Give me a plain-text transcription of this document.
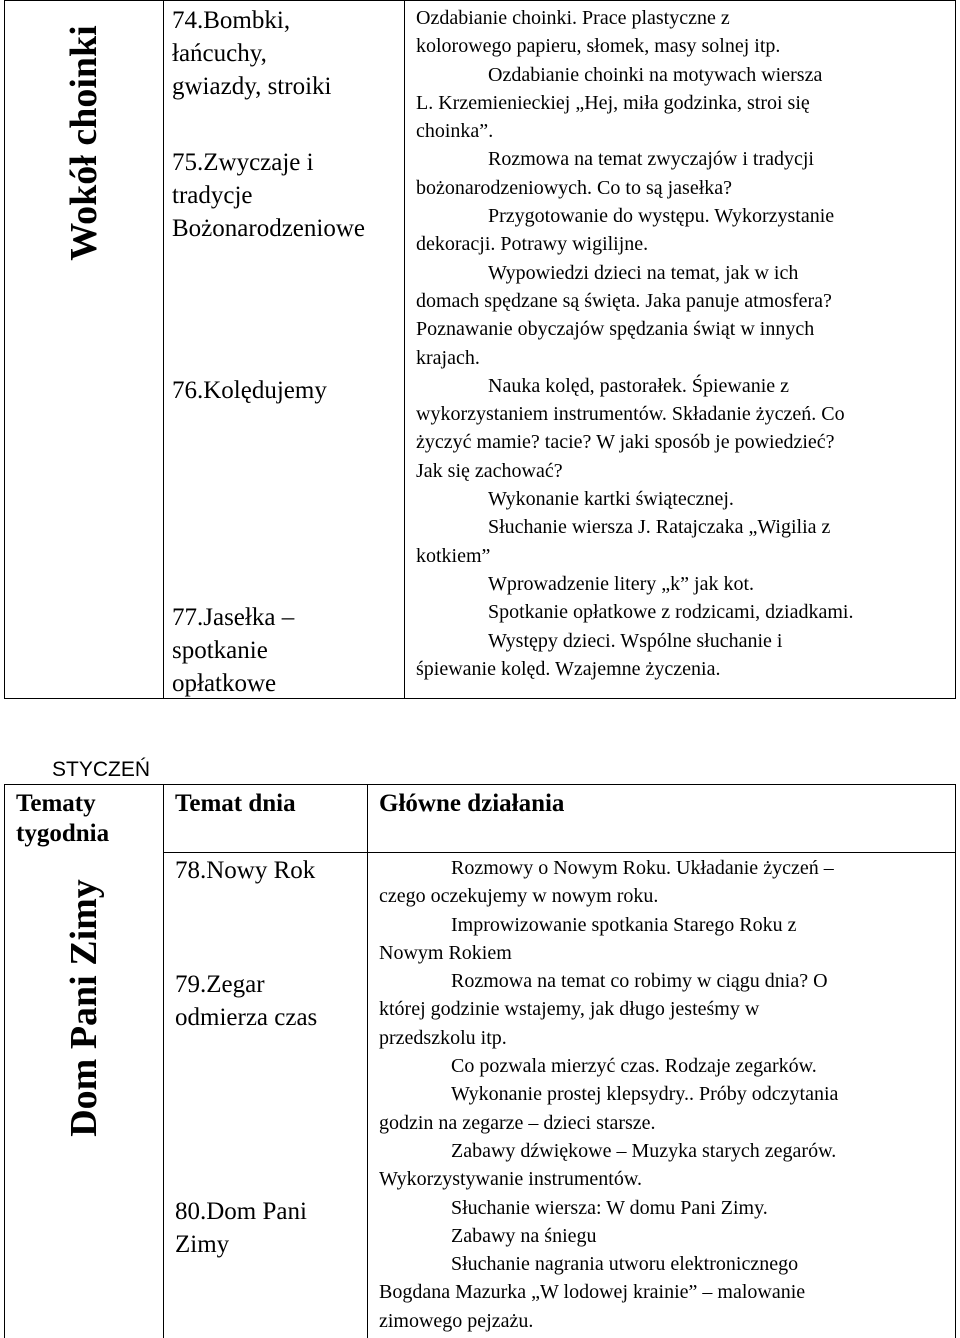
Wokół choinki
74.Bombki,
łańcuchy,
gwiazdy, stroiki
75.Zwyczaje i
tradycje
Bożonarodzeniowe
76.Kolędujemy
77.Jasełka –
spotkanie
opłatkowe
Ozdabianie choinki. Prace plastyczne z
kolorowego papieru, słomek, masy solnej itp.
Ozdabianie choinki na motywach wiersza
L. Krzemienieckiej „Hej, miła godzinka, stroi się
choinka”.
Rozmowa na temat zwyczajów i tradycji
bożonarodzeniowych. Co to są jasełka?
Przygotowanie do występu. Wykorzystanie
dekoracji. Potrawy wigilijne.
Wypowiedzi dzieci na temat, jak w ich
domach spędzane są święta. Jaka panuje atmosfera?
Poznawanie obyczajów spędzania świąt w innych
krajach.
Nauka kolęd, pastorałek. Śpiewanie z
wykorzystaniem instrumentów. Składanie życzeń. Co
życzyć mamie? tacie? W jaki sposób je powiedzieć?
Jak się zachować?
Wykonanie kartki świątecznej.
Słuchanie wiersza J. Ratajczaka „Wigilia z
kotkiem”
Wprowadzenie litery „k” jak kot.
Spotkanie opłatkowe z rodzicami, dziadkami.
Występy dzieci. Wspólne słuchanie i
śpiewanie kolęd. Wzajemne życzenia.
STYCZEŃ
Tematy
tygodnia
Temat dnia	Główne działania
Dom Pani Zimy
78.Nowy Rok
79.Zegar
odmierza czas
80.Dom Pani
Zimy
Rozmowy o Nowym Roku. Układanie życzeń –
czego oczekujemy w nowym roku.
Improwizowanie spotkania Starego Roku z
Nowym Rokiem
Rozmowa na temat co robimy w ciągu dnia? O
której godzinie wstajemy, jak długo jesteśmy w
przedszkolu itp.
Co pozwala mierzyć czas. Rodzaje zegarków.
Wykonanie prostej klepsydry.. Próby odczytania
godzin na zegarze – dzieci starsze.
Zabawy dźwiękowe – Muzyka starych zegarów.
Wykorzystywanie instrumentów.
Słuchanie wiersza: W domu Pani Zimy.
Zabawy na śniegu
Słuchanie nagrania utworu elektronicznego
Bogdana Mazurka „W lodowej krainie” – malowanie
zimowego pejzażu.
